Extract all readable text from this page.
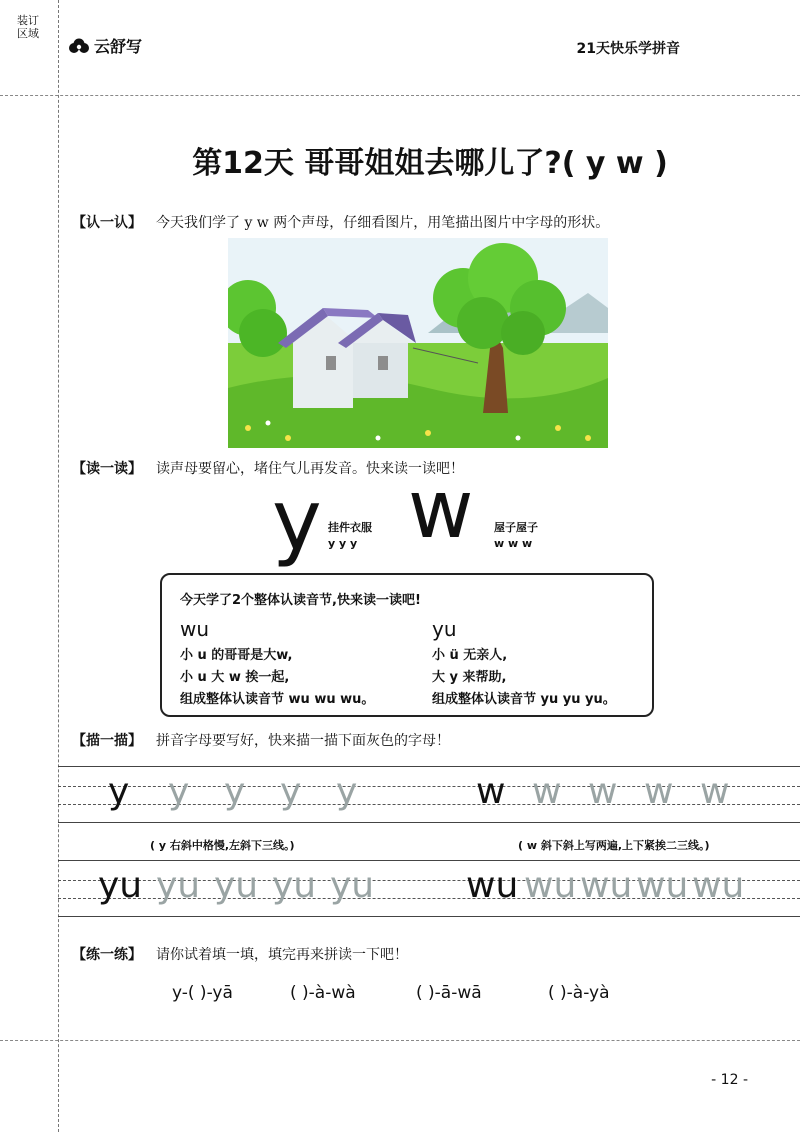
装订区域
云舒写	21天快乐学拼音
第12天 哥哥姐姐去哪儿了?( y w )
【认一认】 今天我们学了 y w 两个声母，仔细看图片，用笔描出图片中字母的形状。
【读一读】 读声母要留心，堵住气儿再发音。快来读一读吧！
y 挂件衣服
y y y w 屋子屋子
w w w
今天学了2个整体认读音节,快来读一读吧!
wu
小 u 的哥哥是大w,
小 u 大 w 挨一起,
组成整体认读音节 wu wu wu。
yu
小 ü 无亲人,
大 y 来帮助,
组成整体认读音节 yu yu yu。
【描一描】 拼音字母要写好，快来描一描下面灰色的字母！
y y y y y	w w w w w
( y 右斜中格慢,左斜下三线。)	( w 斜下斜上写两遍,上下紧挨二三线。)
yu yu yu yu yu	wu wu wu wu wu
【练一练】 请你试着填一填，填完再来拼读一下吧！
y-( )-yā	( )-à-wà	( )-ā-wā	( )-à-yà
- 12 -
